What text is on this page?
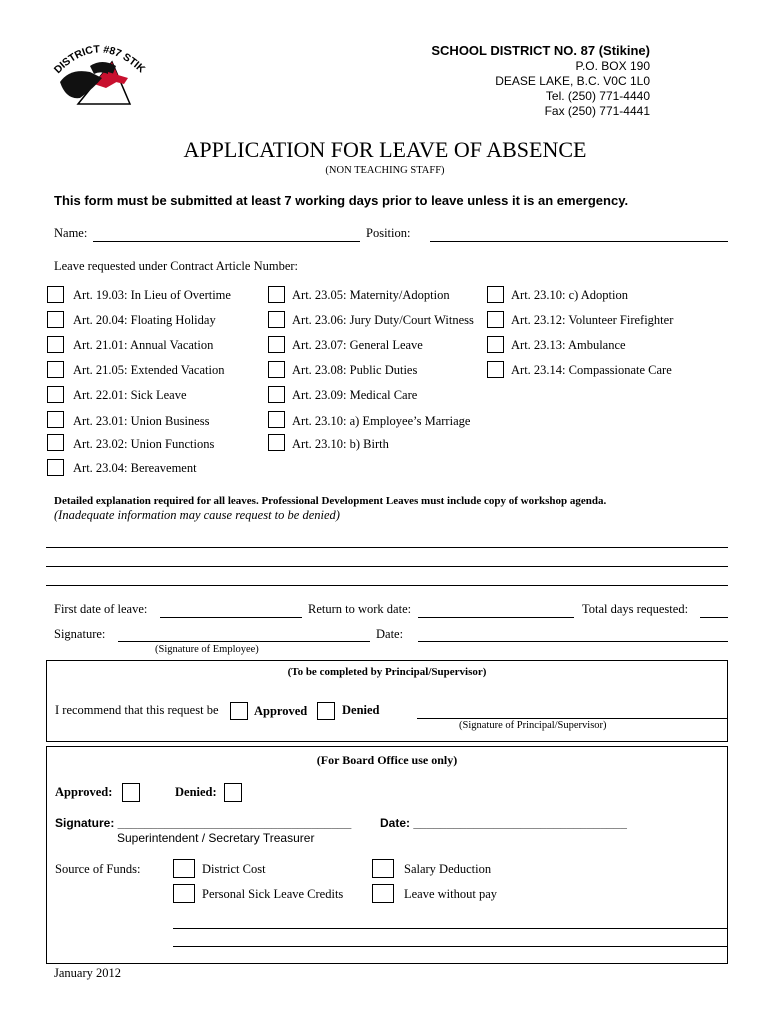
DISTRICT #87 STIK
SCHOOL DISTRICT NO. 87 (Stikine)
P.O. BOX 190
DEASE LAKE, B.C. V0C 1L0
Tel. (250) 771-4440
Fax (250) 771-4441
APPLICATION FOR LEAVE OF ABSENCE
(NON TEACHING STAFF)
This form must be submitted at least 7 working days prior to leave unless it is an emergency.
Name:	Position:
Leave requested under Contract Article Number:
Art. 19.03: In Lieu of Overtime
Art. 20.04: Floating Holiday
Art. 21.01: Annual Vacation
Art. 21.05: Extended Vacation
Art. 22.01: Sick Leave
Art. 23.01: Union Business
Art. 23.02: Union Functions
Art. 23.04: Bereavement
Art. 23.05: Maternity/Adoption
Art. 23.06: Jury Duty/Court Witness
Art. 23.07: General Leave
Art. 23.08: Public Duties
Art. 23.09: Medical Care
Art. 23.10: a) Employee’s Marriage
Art. 23.10: b) Birth
Art. 23.10: c) Adoption
Art. 23.12: Volunteer Firefighter
Art. 23.13: Ambulance
Art. 23.14: Compassionate Care
Detailed explanation required for all leaves. Professional Development Leaves must include copy of workshop agenda.
(Inadequate information may cause request to be denied)
First date of leave:	Return to work date:	Total days requested:
Signature:	Date:
(Signature of Employee)
(To be completed by Principal/Supervisor)
I recommend that this request be	Approved	Denied
(Signature of Principal/Supervisor)
(For Board Office use only)
Approved:	Denied:
Signature: ___________________________________ Date: ________________________________
Superintendent / Secretary Treasurer
Source of Funds:	District Cost	Salary Deduction
Personal Sick Leave Credits	Leave without pay
January 2012
